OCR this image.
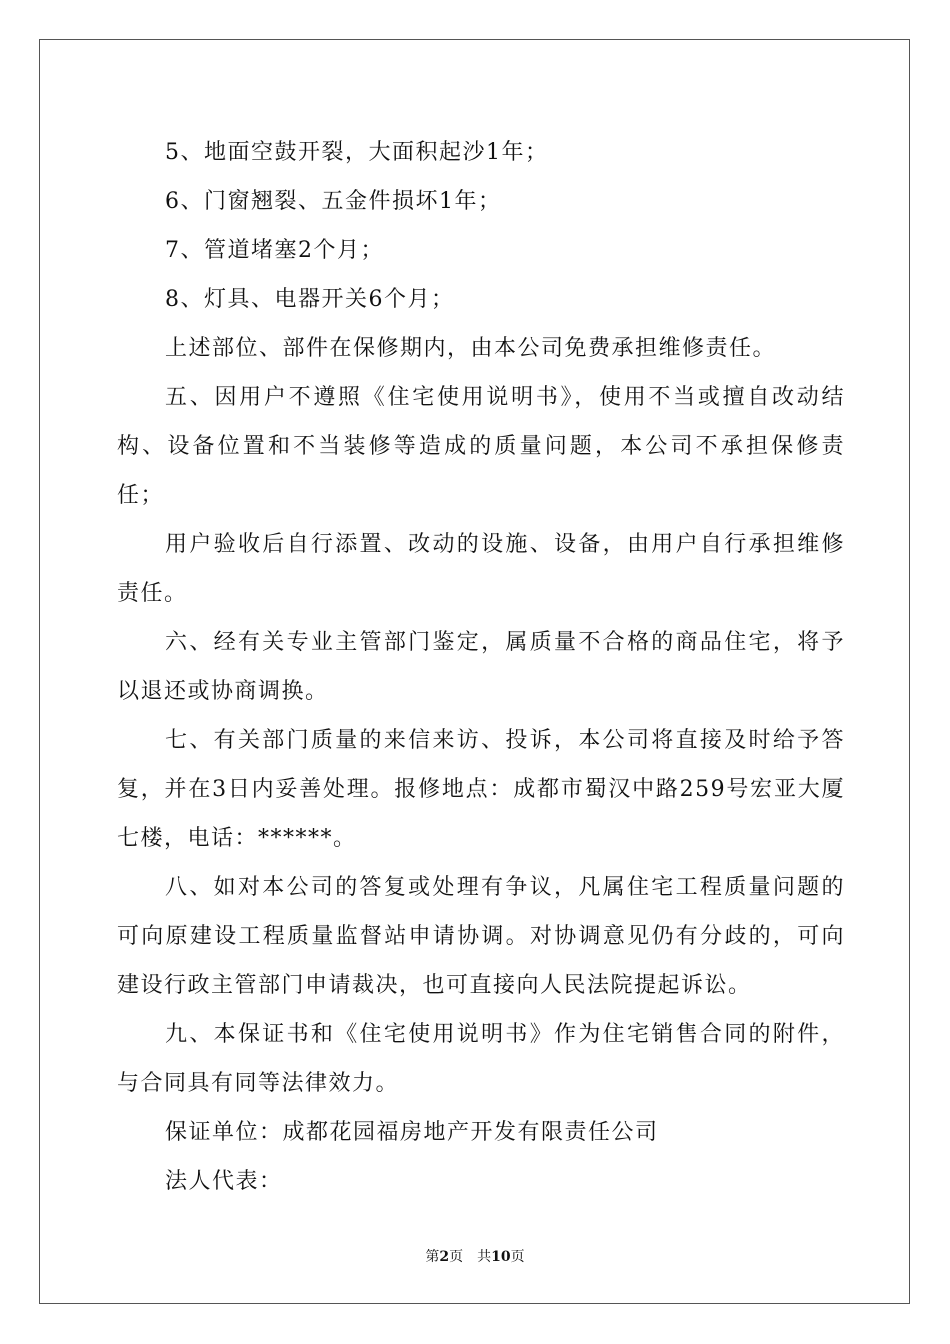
5、地面空鼓开裂，大面积起沙1年；

6、门窗翘裂、五金件损坏1年；

7、管道堵塞2个月；

8、灯具、电器开关6个月；

上述部位、部件在保修期内，由本公司免费承担维修责任。

五、因用户不遵照《住宅使用说明书》，使用不当或擅自改动结构、设备位置和不当装修等造成的质量问题，本公司不承担保修责任；

用户验收后自行添置、改动的设施、设备，由用户自行承担维修责任。

六、经有关专业主管部门鉴定，属质量不合格的商品住宅，将予以退还或协商调换。

七、有关部门质量的来信来访、投诉，本公司将直接及时给予答复，并在3日内妥善处理。报修地点：成都市蜀汉中路259号宏亚大厦七楼，电话：******。

八、如对本公司的答复或处理有争议，凡属住宅工程质量问题的可向原建设工程质量监督站申请协调。对协调意见仍有分歧的，可向建设行政主管部门申请裁决，也可直接向人民法院提起诉讼。

九、本保证书和《住宅使用说明书》作为住宅销售合同的附件，与合同具有同等法律效力。

保证单位：成都花园福房地产开发有限责任公司

法人代表：

第2页 共10页
